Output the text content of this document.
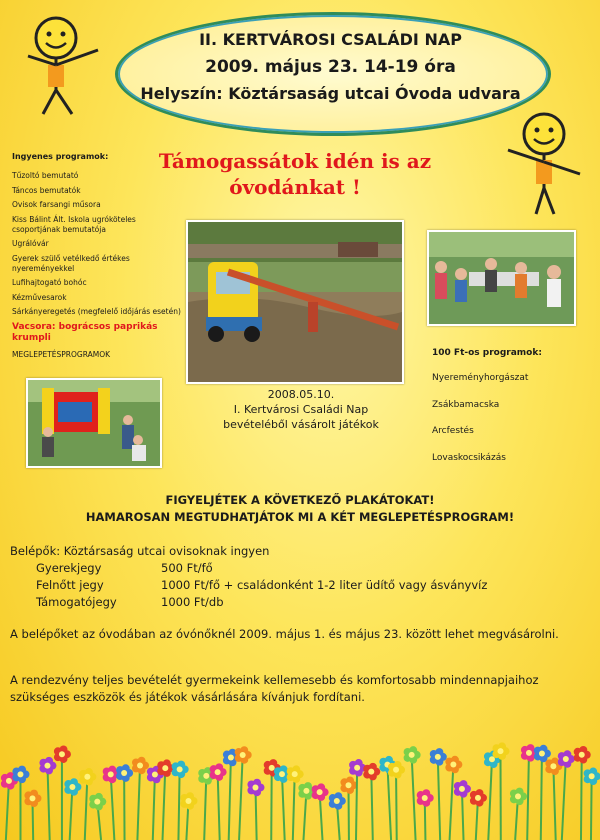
II. KERTVÁROSI CSALÁDI NAP
2009. május 23. 14-19 óra
Helyszín: Köztársaság utcai Óvoda udvara
Támogassátok idén is az
óvodánkat !
Ingyenes programok:
Tűzoltó bemutató
Táncos bemutatók
Ovisok farsangi műsora
Kiss Bálint Ált. Iskola ugróköteles csoportjának bemutatója
Ugrálóvár
Gyerek szülő vetélkedő értékes nyereményekkel
Lufihajtogató bohóc
Kézművesarok
Sárkányeregetés (megfelelő időjárás esetén)
Vacsora: bográcsos paprikás krumpli
MEGLEPETÉSPROGRAMOK
2008.05.10.
I. Kertvárosi Családi Nap
bevételéből vásárolt játékok
100 Ft-os programok:
Nyereményhorgászat
Zsákbamacska
Arcfestés
Lovaskocsikázás
FIGYELJÉTEK A KÖVETKEZŐ PLAKÁTOKAT!
HAMAROSAN MEGTUDHATJÁTOK MI A KÉT MEGLEPETÉSPROGRAM!
Belépők: Köztársaság utcai ovisoknak ingyen
Gyerekjegy	500 Ft/fő
Felnőtt jegy	1000 Ft/fő + családonként 1-2 liter üdítő vagy ásványvíz
Támogatójegy	1000 Ft/db
A belépőket az óvodában az óvónőknél 2009. május 1. és május 23. között lehet megvásárolni.
A rendezvény teljes bevételét gyermekeink kellemesebb és komfortosabb mindennapjaihoz szükséges eszközök és játékok vásárlására kívánjuk fordítani.
